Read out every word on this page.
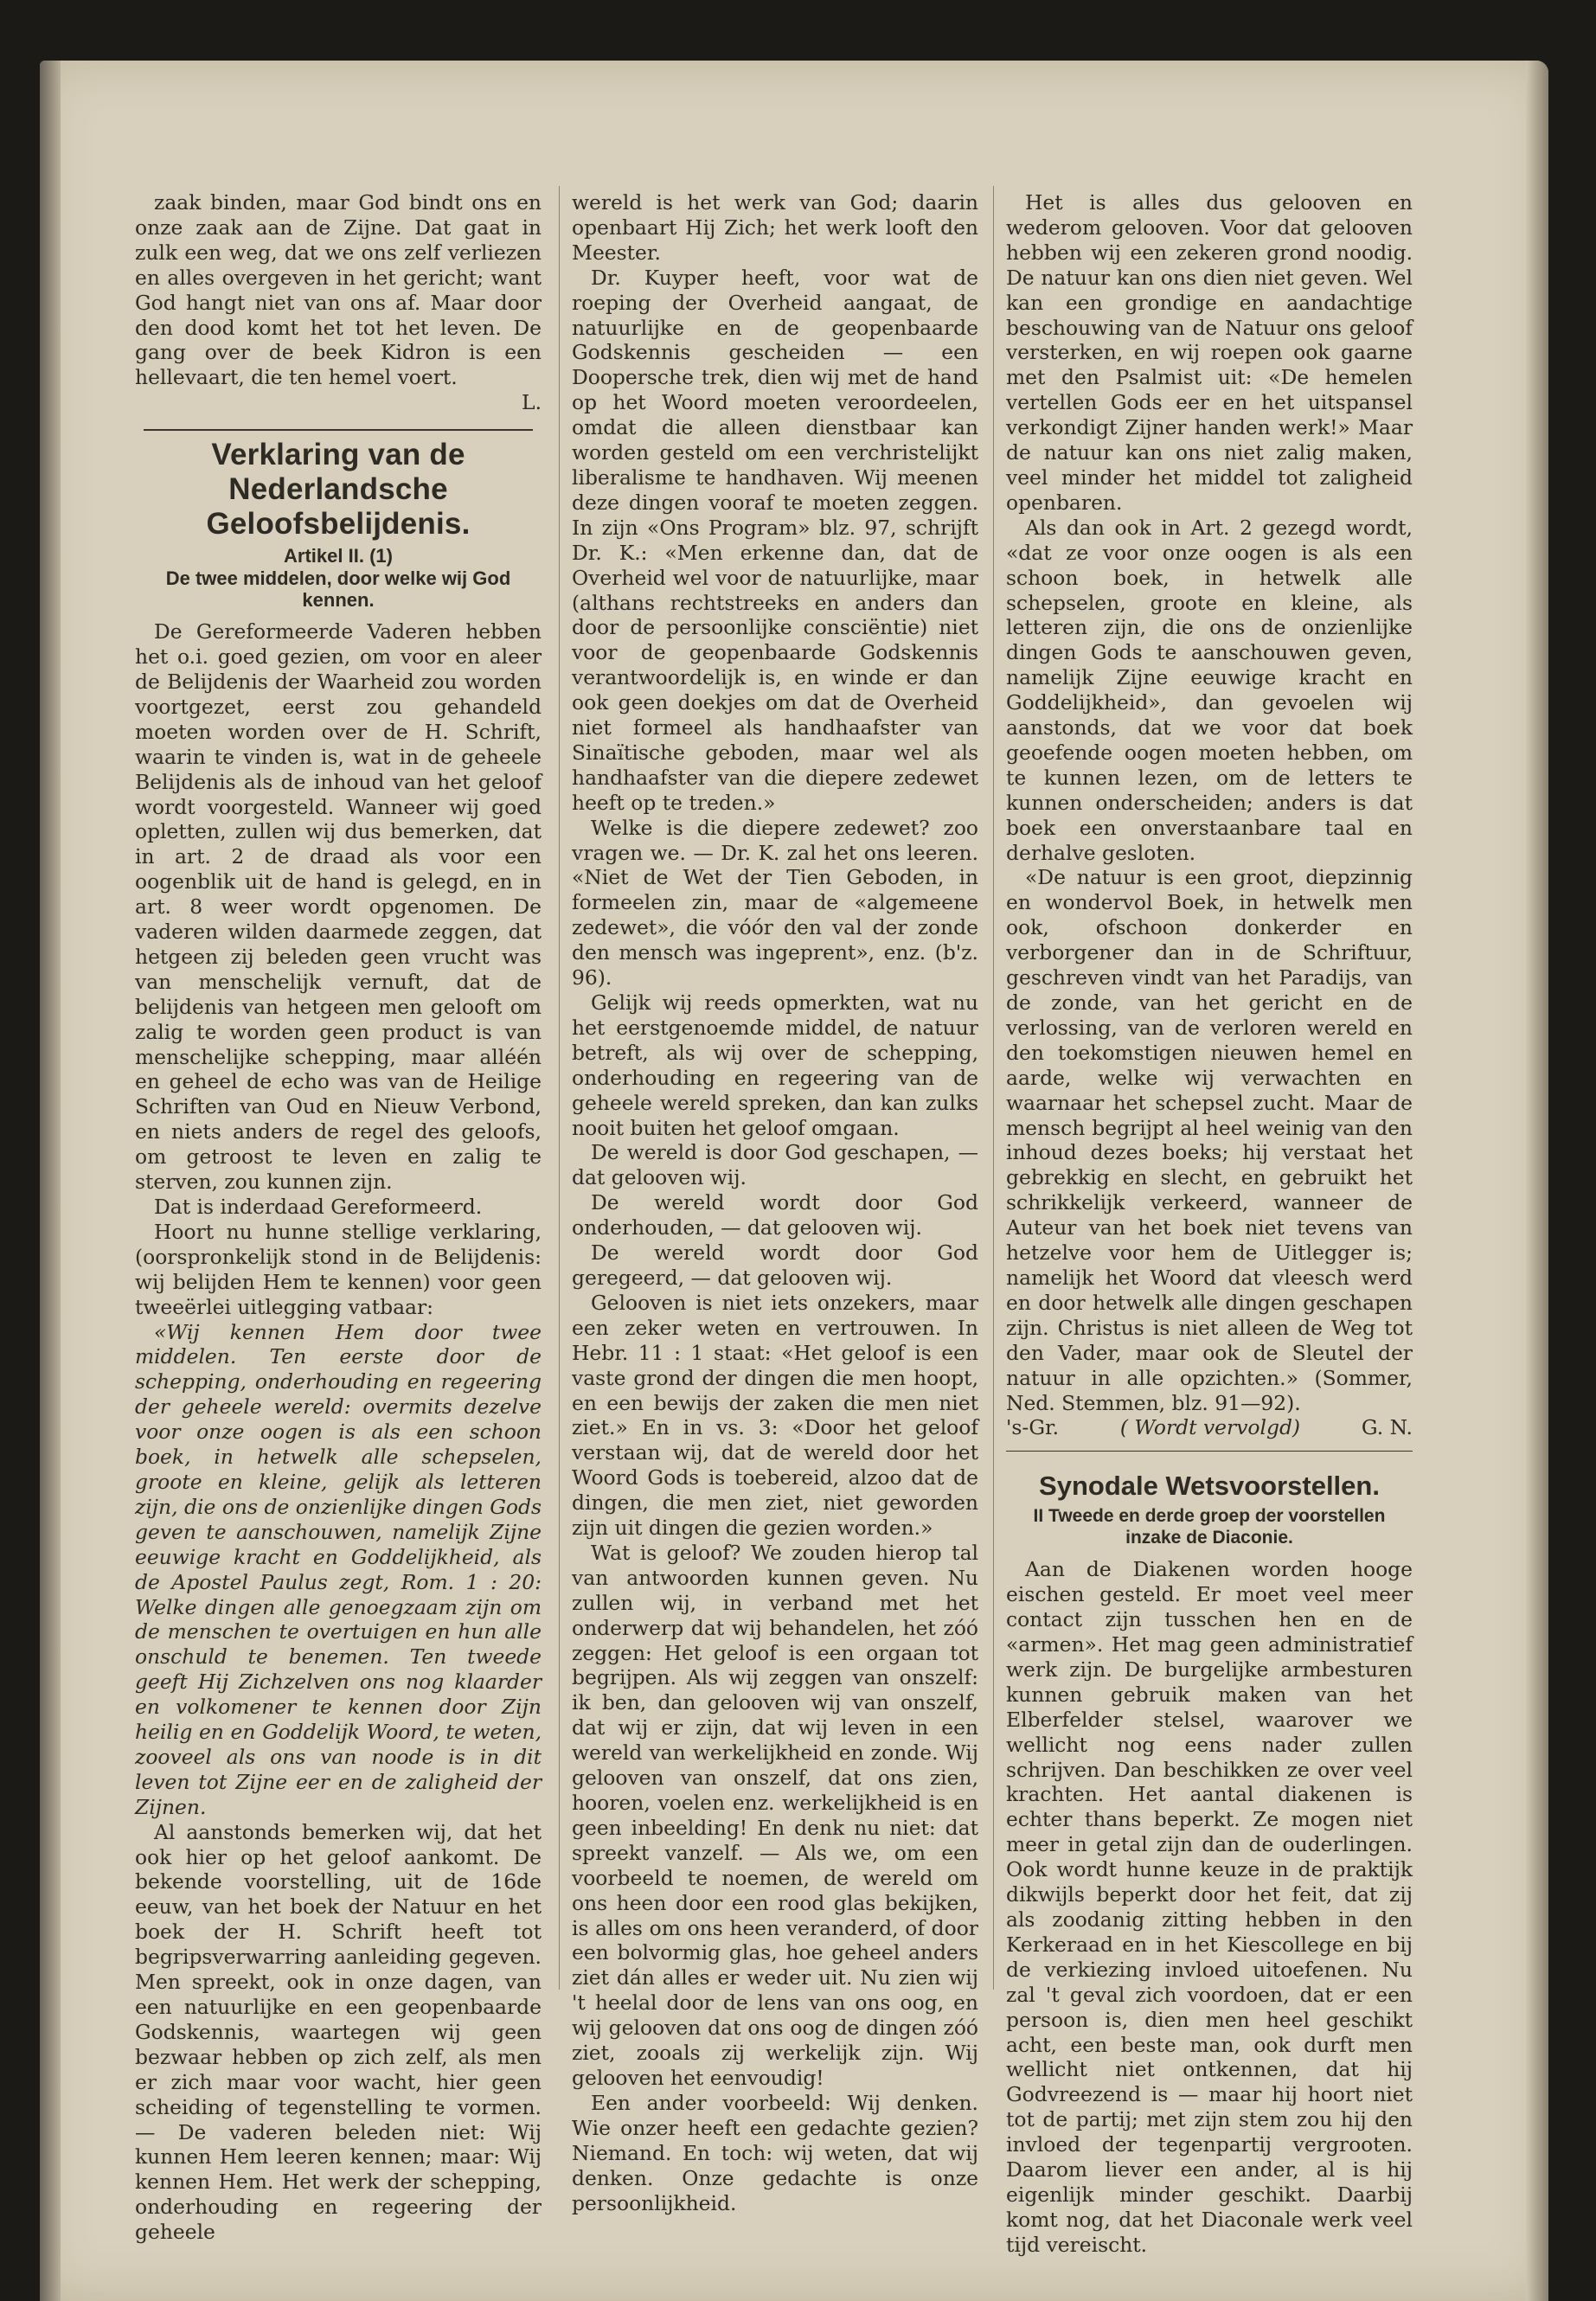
zaak binden, maar God bindt ons en onze zaak aan de Zijne. Dat gaat in zulk een weg, dat we ons zelf verliezen en alles overgeven in het gericht; want God hangt niet van ons af. Maar door den dood komt het tot het leven. De gang over de beek Kidron is een hellevaart, die ten hemel voert.

L.

Verklaring van de Nederlandsche Geloofsbelijdenis.
Artikel II. (1)
De twee middelen, door welke wij God kennen.

De Gereformeerde Vaderen hebben het o.i. goed gezien, om voor en aleer de Belijdenis der Waarheid zou worden voortgezet, eerst zou gehandeld moeten worden over de H. Schrift, waarin te vinden is, wat in de geheele Belijdenis als de inhoud van het geloof wordt voorgesteld. Wanneer wij goed opletten, zullen wij dus bemerken, dat in art. 2 de draad als voor een oogenblik uit de hand is gelegd, en in art. 8 weer wordt opgenomen. De vaderen wilden daarmede zeggen, dat hetgeen zij beleden geen vrucht was van menschelijk vernuft, dat de belijdenis van hetgeen men gelooft om zalig te worden geen product is van menschelijke schepping, maar alléén en geheel de echo was van de Heilige Schriften van Oud en Nieuw Verbond, en niets anders de regel des geloofs, om getroost te leven en zalig te sterven, zou kunnen zijn.

Dat is inderdaad Gereformeerd.

Hoort nu hunne stellige verklaring, (oorspronkelijk stond in de Belijdenis: wij belijden Hem te kennen) voor geen tweeërlei uitlegging vatbaar:

«Wij kennen Hem door twee middelen. Ten eerste door de schepping, onderhouding en regeering der geheele wereld: overmits dezelve voor onze oogen is als een schoon boek, in hetwelk alle schepselen, groote en kleine, gelijk als letteren zijn, die ons de onzienlijke dingen Gods geven te aanschouwen, namelijk Zijne eeuwige kracht en Goddelijkheid, als de Apostel Paulus zegt, Rom. 1 : 20: Welke dingen alle genoegzaam zijn om de menschen te overtuigen en hun alle onschuld te benemen. Ten tweede geeft Hij Zichzelven ons nog klaarder en volkomener te kennen door Zijn heilig en en Goddelijk Woord, te weten, zooveel als ons van noode is in dit leven tot Zijne eer en de zaligheid der Zijnen.

Al aanstonds bemerken wij, dat het ook hier op het geloof aankomt. De bekende voorstelling, uit de 16de eeuw, van het boek der Natuur en het boek der H. Schrift heeft tot begripsverwarring aanleiding gegeven. Men spreekt, ook in onze dagen, van een natuurlijke en een geopenbaarde Godskennis, waartegen wij geen bezwaar hebben op zich zelf, als men er zich maar voor wacht, hier geen scheiding of tegenstelling te vormen. — De vaderen beleden niet: Wij kunnen Hem leeren kennen; maar: Wij kennen Hem. Het werk der schepping, onderhouding en regeering der geheele

wereld is het werk van God; daarin openbaart Hij Zich; het werk looft den Meester.

Dr. Kuyper heeft, voor wat de roeping der Overheid aangaat, de natuurlijke en de geopenbaarde Godskennis gescheiden — een Doopersche trek, dien wij met de hand op het Woord moeten veroordeelen, omdat die alleen dienstbaar kan worden gesteld om een verchristelijkt liberalisme te handhaven. Wij meenen deze dingen vooraf te moeten zeggen. In zijn «Ons Program» blz. 97, schrijft Dr. K.: «Men erkenne dan, dat de Overheid wel voor de natuurlijke, maar (althans rechtstreeks en anders dan door de persoonlijke consciëntie) niet voor de geopenbaarde Godskennis verantwoordelijk is, en winde er dan ook geen doekjes om dat de Overheid niet formeel als handhaafster van Sinaïtische geboden, maar wel als handhaafster van die diepere zedewet heeft op te treden.»

Welke is die diepere zedewet? zoo vragen we. — Dr. K. zal het ons leeren. «Niet de Wet der Tien Geboden, in formeelen zin, maar de «algemeene zedewet», die vóór den val der zonde den mensch was ingeprent», enz. (b'z. 96).

Gelijk wij reeds opmerkten, wat nu het eerstgenoemde middel, de natuur betreft, als wij over de schepping, onderhouding en regeering van de geheele wereld spreken, dan kan zulks nooit buiten het geloof omgaan.

De wereld is door God geschapen, — dat gelooven wij.

De wereld wordt door God onderhouden, — dat gelooven wij.

De wereld wordt door God geregeerd, — dat gelooven wij.

Gelooven is niet iets onzekers, maar een zeker weten en vertrouwen. In Hebr. 11 : 1 staat: «Het geloof is een vaste grond der dingen die men hoopt, en een bewijs der zaken die men niet ziet.» En in vs. 3: «Door het geloof verstaan wij, dat de wereld door het Woord Gods is toebereid, alzoo dat de dingen, die men ziet, niet geworden zijn uit dingen die gezien worden.»

Wat is geloof? We zouden hierop tal van antwoorden kunnen geven. Nu zullen wij, in verband met het onderwerp dat wij behandelen, het zóó zeggen: Het geloof is een orgaan tot begrijpen. Als wij zeggen van onszelf: ik ben, dan gelooven wij van onszelf, dat wij er zijn, dat wij leven in een wereld van werkelijkheid en zonde. Wij gelooven van onszelf, dat ons zien, hooren, voelen enz. werkelijkheid is en geen inbeelding! En denk nu niet: dat spreekt vanzelf. — Als we, om een voorbeeld te noemen, de wereld om ons heen door een rood glas bekijken, is alles om ons heen veranderd, of door een bolvormig glas, hoe geheel anders ziet dán alles er weder uit. Nu zien wij 't heelal door de lens van ons oog, en wij gelooven dat ons oog de dingen zóó ziet, zooals zij werkelijk zijn. Wij gelooven het eenvoudig!

Een ander voorbeeld: Wij denken. Wie onzer heeft een gedachte gezien? Niemand. En toch: wij weten, dat wij denken. Onze gedachte is onze persoonlijkheid.

Het is alles dus gelooven en wederom gelooven. Voor dat gelooven hebben wij een zekeren grond noodig. De natuur kan ons dien niet geven. Wel kan een grondige en aandachtige beschouwing van de Natuur ons geloof versterken, en wij roepen ook gaarne met den Psalmist uit: «De hemelen vertellen Gods eer en het uitspansel verkondigt Zijner handen werk!» Maar de natuur kan ons niet zalig maken, veel minder het middel tot zaligheid openbaren.

Als dan ook in Art. 2 gezegd wordt, «dat ze voor onze oogen is als een schoon boek, in hetwelk alle schepselen, groote en kleine, als letteren zijn, die ons de onzienlijke dingen Gods te aanschouwen geven, namelijk Zijne eeuwige kracht en Goddelijkheid», dan gevoelen wij aanstonds, dat we voor dat boek geoefende oogen moeten hebben, om te kunnen lezen, om de letters te kunnen onderscheiden; anders is dat boek een onverstaanbare taal en derhalve gesloten.

«De natuur is een groot, diepzinnig en wondervol Boek, in hetwelk men ook, ofschoon donkerder en verborgener dan in de Schriftuur, geschreven vindt van het Paradijs, van de zonde, van het gericht en de verlossing, van de verloren wereld en den toekomstigen nieuwen hemel en aarde, welke wij verwachten en waarnaar het schepsel zucht. Maar de mensch begrijpt al heel weinig van den inhoud dezes boeks; hij verstaat het gebrekkig en slecht, en gebruikt het schrikkelijk verkeerd, wanneer de Auteur van het boek niet tevens van hetzelve voor hem de Uitlegger is; namelijk het Woord dat vleesch werd en door hetwelk alle dingen geschapen zijn. Christus is niet alleen de Weg tot den Vader, maar ook de Sleutel der natuur in alle opzichten.» (Sommer, Ned. Stemmen, blz. 91—92).

's-Gr.	( Wordt vervolgd)	G. N.
Synodale Wetsvoorstellen.
II Tweede en derde groep der voorstellen inzake de Diaconie.

Aan de Diakenen worden hooge eischen gesteld. Er moet veel meer contact zijn tusschen hen en de «armen». Het mag geen administratief werk zijn. De burgelijke armbesturen kunnen gebruik maken van het Elberfelder stelsel, waarover we wellicht nog eens nader zullen schrijven. Dan beschikken ze over veel krachten. Het aantal diakenen is echter thans beperkt. Ze mogen niet meer in getal zijn dan de ouderlingen. Ook wordt hunne keuze in de praktijk dikwijls beperkt door het feit, dat zij als zoodanig zitting hebben in den Kerkeraad en in het Kiescollege en bij de verkiezing invloed uitoefenen. Nu zal 't geval zich voordoen, dat er een persoon is, dien men heel geschikt acht, een beste man, ook durft men wellicht niet ontkennen, dat hij Godvreezend is — maar hij hoort niet tot de partij; met zijn stem zou hij den invloed der tegenpartij vergrooten. Daarom liever een ander, al is hij eigenlijk minder geschikt. Daarbij komt nog, dat het Diaconale werk veel tijd vereischt.
